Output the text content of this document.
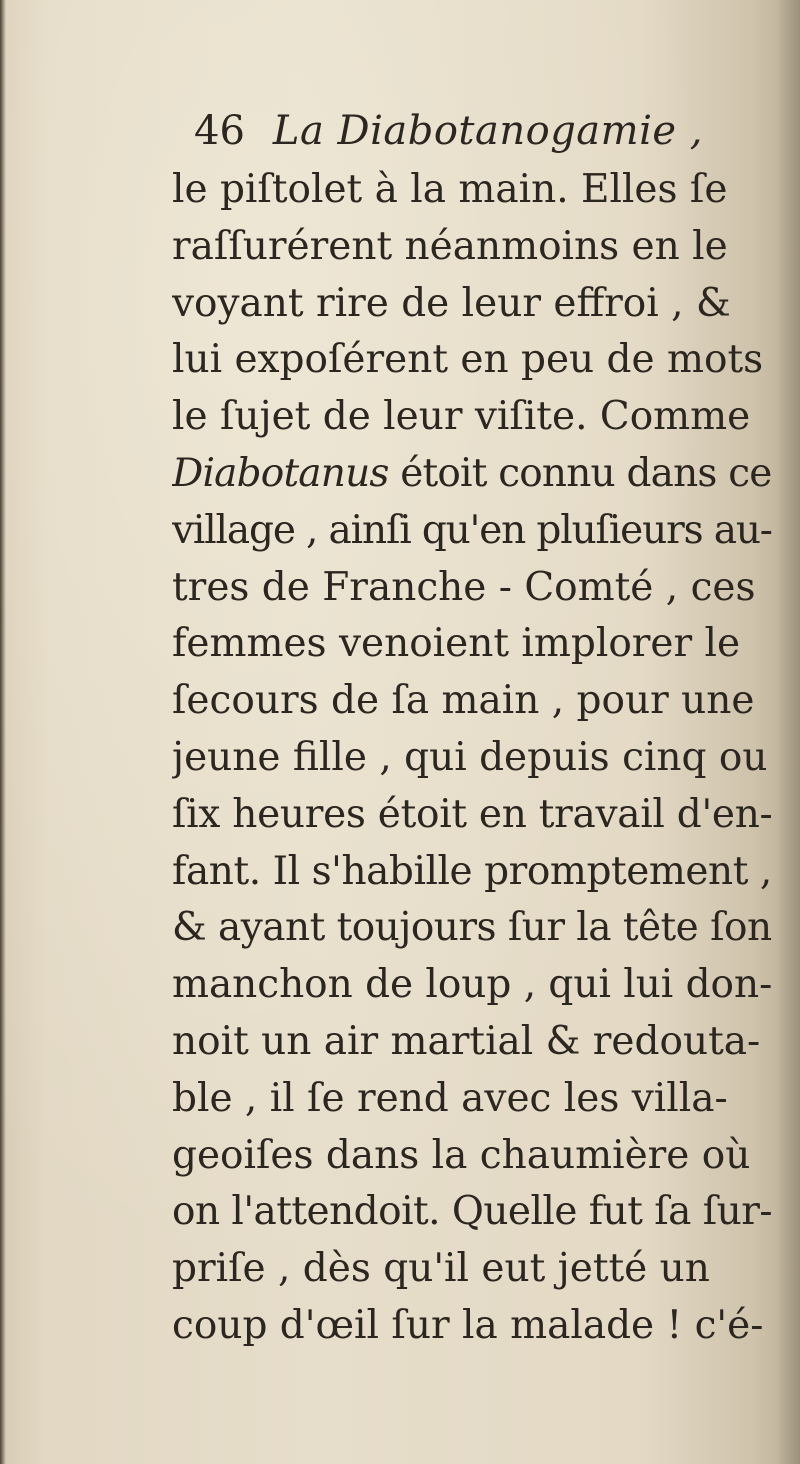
46 La Diabotanogamie ,
le piſtolet à la main. Elles ſe
raſſurérent néanmoins en le
voyant rire de leur effroi , &
lui expoſérent en peu de mots
le ſujet de leur viſite. Comme
Diabotanus étoit connu dans ce
village , ainſi qu'en pluſieurs au-
tres de Franche - Comté , ces
femmes venoient implorer le
ſecours de ſa main , pour une
jeune fille , qui depuis cinq ou
ſix heures étoit en travail d'en-
fant. Il s'habille promptement ,
& ayant toujours ſur la tête ſon
manchon de loup , qui lui don-
noit un air martial & redouta-
ble , il ſe rend avec les villa-
geoiſes dans la chaumière où
on l'attendoit. Quelle fut ſa ſur-
priſe , dès qu'il eut jetté un
coup d'œil ſur la malade ! c'é-
